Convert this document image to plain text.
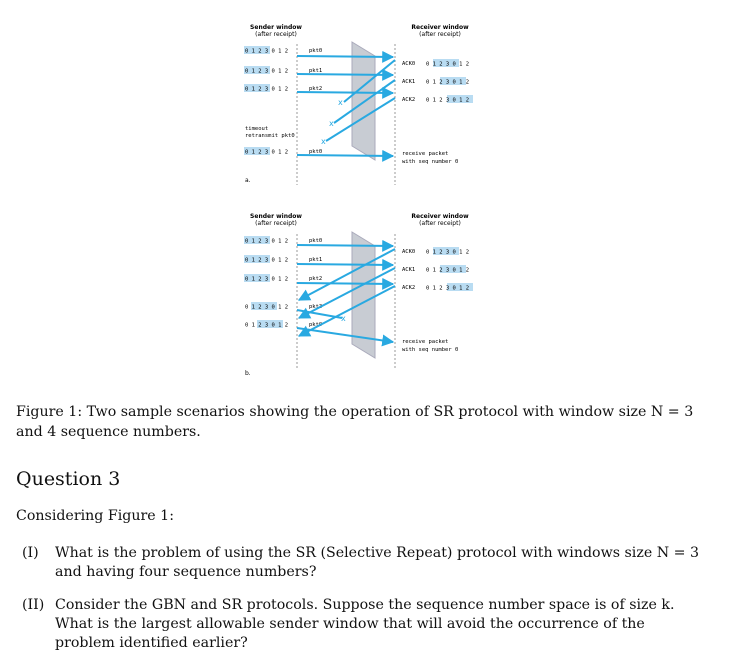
Sender window
(after receipt)
Receiver window
(after receipt)
0 1 2 3 0 1 2	pkt0
0 1 2 3 0 1 2	pkt1
0 1 2 3 0 1 2	pkt2
timeout
retransmit pkt0
0 1 2 3 0 1 2	pkt0
ACK0 0 1 2 3 0 1 2
ACK1 0 1 2 3 0 1 2
ACK2 0 1 2 3 0 1 2
receive packet
with seq number 0
x
x
x
a.
Sender window
(after receipt)
Receiver window
(after receipt)
0 1 2 3 0 1 2	pkt0
0 1 2 3 0 1 2	pkt1
0 1 2 3 0 1 2	pkt2
0 1 2 3 0 1 2	pkt3
0 1 2 3 0 1 2	pkt0
ACK0 0 1 2 3 0 1 2
ACK1 0 1 2 3 0 1 2
ACK2 0 1 2 3 0 1 2
receive packet
with seq number 0
x
b.
Figure 1: Two sample scenarios showing the operation of SR protocol with window size N = 3 and 4 sequence numbers.
Question 3
Considering Figure 1:
(I) What is the problem of using the SR (Selective Repeat) protocol with windows size N = 3 and having four sequence numbers?
(II) Consider the GBN and SR protocols. Suppose the sequence number space is of size k. What is the largest allowable sender window that will avoid the occurrence of the problem identified earlier?
